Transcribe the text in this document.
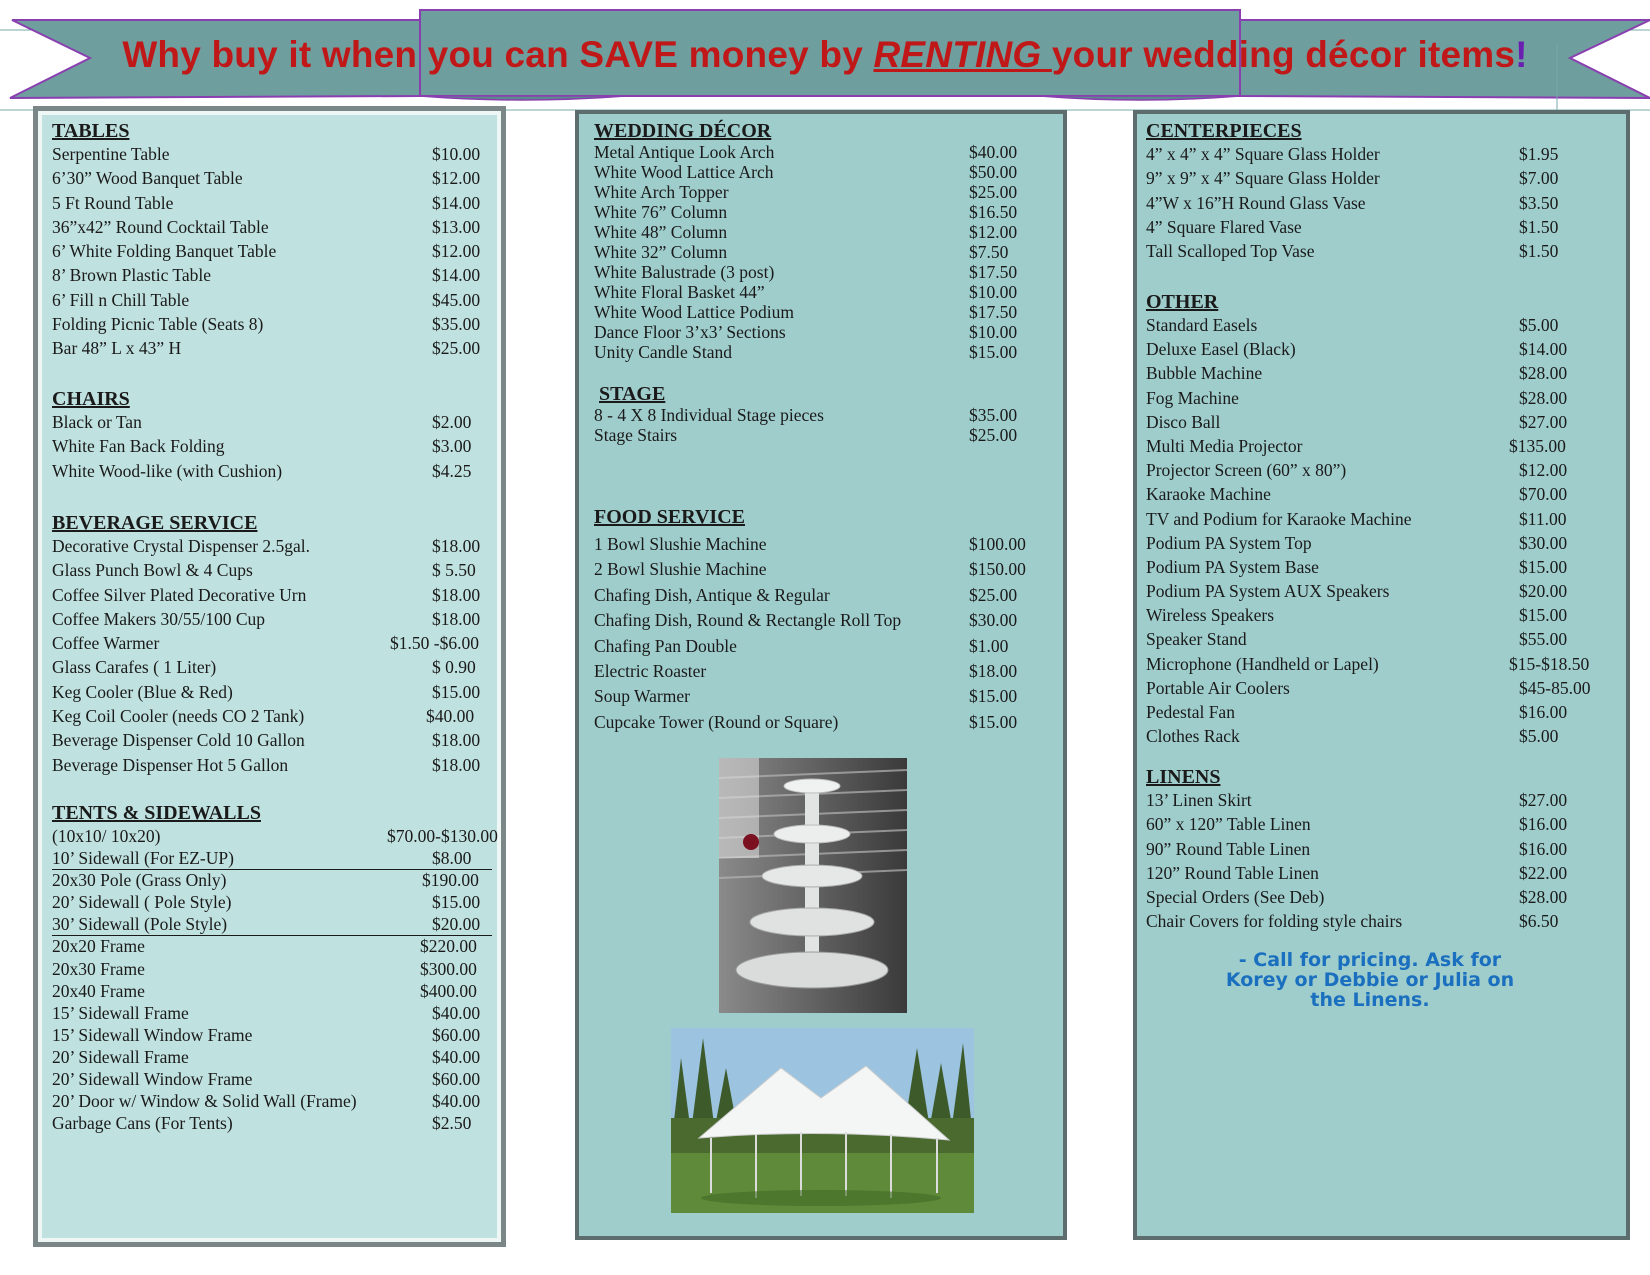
Why buy it when you can SAVE money by RENTING your wedding décor items!
TABLES
Serpentine Table	$10.00
6’30” Wood Banquet Table	$12.00
5 Ft Round Table	$14.00
36”x42” Round Cocktail Table	$13.00
6’ White Folding Banquet Table	$12.00
8’ Brown Plastic Table	$14.00
6’ Fill n Chill Table	$45.00
Folding Picnic Table (Seats 8)	$35.00
Bar 48” L x 43” H	$25.00
CHAIRS
Black or Tan	$2.00
White Fan Back Folding	$3.00
White Wood-like (with Cushion)	$4.25
BEVERAGE SERVICE
Decorative Crystal Dispenser 2.5gal.	$18.00
Glass Punch Bowl & 4 Cups	$ 5.50
Coffee Silver Plated Decorative Urn	$18.00
Coffee Makers 30/55/100 Cup	$18.00
Coffee Warmer	$1.50 -$6.00
Glass Carafes ( 1 Liter)	$ 0.90
Keg Cooler (Blue & Red)	$15.00
Keg Coil Cooler (needs CO 2 Tank)	$40.00
Beverage Dispenser Cold 10 Gallon	$18.00
Beverage Dispenser Hot 5 Gallon	$18.00
TENTS & SIDEWALLS
(10x10/ 10x20)	$70.00-$130.00
10’ Sidewall (For EZ-UP)	$8.00
20x30 Pole (Grass Only)	$190.00
20’ Sidewall ( Pole Style)	$15.00
30’ Sidewall (Pole Style)	$20.00
20x20 Frame	$220.00
20x30 Frame	$300.00
20x40 Frame	$400.00
15’ Sidewall Frame	$40.00
15’ Sidewall Window Frame	$60.00
20’ Sidewall Frame	$40.00
20’ Sidewall Window Frame	$60.00
20’ Door w/ Window & Solid Wall (Frame)	$40.00
Garbage Cans (For Tents)	$2.50
WEDDING DÉCOR
Metal Antique Look Arch	$40.00
White Wood Lattice Arch	$50.00
White Arch Topper	$25.00
White 76” Column	$16.50
White 48” Column	$12.00
White 32” Column	$7.50
White Balustrade (3 post)	$17.50
White Floral Basket 44”	$10.00
White Wood Lattice Podium	$17.50
Dance Floor 3’x3’ Sections	$10.00
Unity Candle Stand	$15.00
STAGE
8 - 4 X 8 Individual Stage pieces	$35.00
Stage Stairs	$25.00
FOOD SERVICE
1 Bowl Slushie Machine	$100.00
2 Bowl Slushie Machine	$150.00
Chafing Dish, Antique & Regular	$25.00
Chafing Dish, Round & Rectangle Roll Top	$30.00
Chafing Pan Double	$1.00
Electric Roaster	$18.00
Soup Warmer	$15.00
Cupcake Tower (Round or Square)	$15.00
CENTERPIECES
4” x 4” x 4” Square Glass Holder	$1.95
9” x 9” x 4” Square Glass Holder	$7.00
4”W x 16”H Round Glass Vase	$3.50
4” Square Flared Vase	$1.50
Tall Scalloped Top Vase	$1.50
OTHER
Standard Easels	$5.00
Deluxe Easel (Black)	$14.00
Bubble Machine	$28.00
Fog Machine	$28.00
Disco Ball	$27.00
Multi Media Projector	$135.00
Projector Screen (60” x 80”)	$12.00
Karaoke Machine	$70.00
TV and Podium for Karaoke Machine	$11.00
Podium PA System Top	$30.00
Podium PA System Base	$15.00
Podium PA System AUX Speakers	$20.00
Wireless Speakers	$15.00
Speaker Stand	$55.00
Microphone (Handheld or Lapel)	$15-$18.50
Portable Air Coolers	$45-85.00
Pedestal Fan	$16.00
Clothes Rack	$5.00
LINENS
13’ Linen Skirt	$27.00
60” x 120” Table Linen	$16.00
90” Round Table Linen	$16.00
120” Round Table Linen	$22.00
Special Orders (See Deb)	$28.00
Chair Covers for folding style chairs	$6.50
- Call for pricing. Ask for
Korey or Debbie or Julia on
the Linens.
